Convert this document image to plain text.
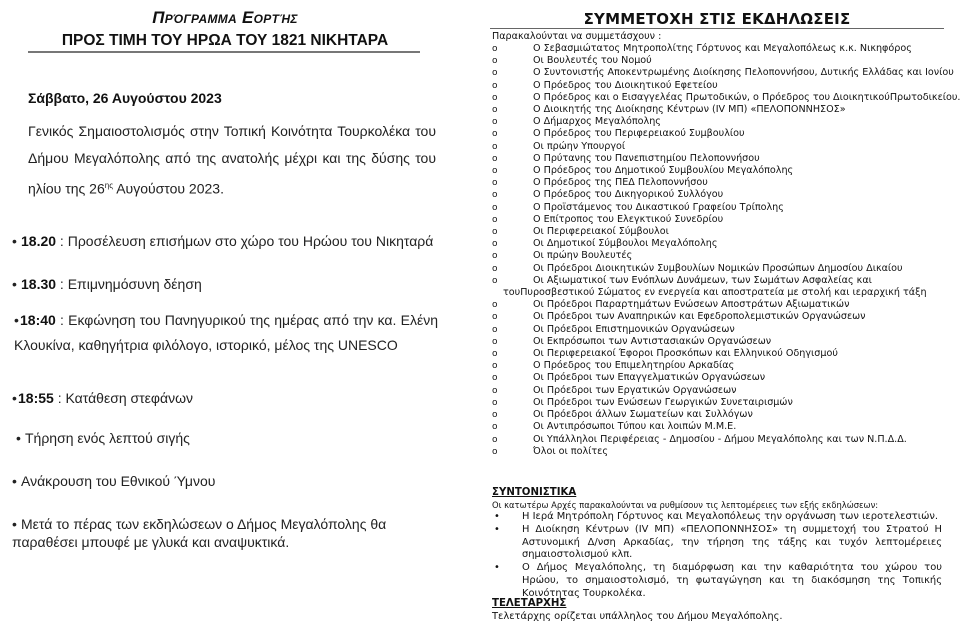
Πρόγραμμα Εορτής
ΠΡΟΣ ΤΙΜΗ ΤΟΥ ΗΡΩΑ ΤΟΥ 1821 ΝΙΚΗΤΑΡΑ
Σάββατο, 26 Αυγούστου 2023
Γενικός Σημαιοστολισμός στην Τοπική Κοινότητα Τουρκολέκα του Δήμου Μεγαλόπολης από της ανατολής μέχρι και της δύσης του ηλίου της $26^{\eta\varsigma}$ Αυγούστου 2023.
• 18.20 : Προσέλευση επισήμων στο χώρο του Ηρώου του Νικηταρά
• 18.30 : Επιμνημόσυνη δέηση
•18:40 : Εκφώνηση του Πανηγυρικού της ημέρας από την κα. Ελένη Κλουκίνα, καθηγήτρια φιλόλογο, ιστορικό, μέλος της UNESCO
•18:55 : Κατάθεση στεφάνων
• Τήρηση ενός λεπτού σιγής
• Ανάκρουση του Εθνικού Ύμνου
• Μετά το πέρας των εκδηλώσεων ο Δήμος Μεγαλόπολης θα παραθέσει μπουφέ με γλυκά και αναψυκτικά.
ΣΥΜΜΕΤΟΧΗ ΣΤΙΣ ΕΚΔΗΛΩΣΕΙΣ
Παρακαλούνται να συμμετάσχουν :
o	Ο Σεβασμιώτατος Μητροπολίτης Γόρτυνος και Μεγαλοπόλεως κ.κ. Νικηφόρος
o	Οι Βουλευτές του Νομού
o	Ο Συντονιστής Αποκεντρωμένης Διοίκησης Πελοποννήσου, Δυτικής Ελλάδας και Ιονίου
o	Ο Πρόεδρος του Διοικητικού Εφετείου
o	Ο Πρόεδρος και ο Εισαγγελέας Πρωτοδικών, ο Πρόεδρος του ΔιοικητικούΠρωτοδικείου.
o	Ο Διοικητής της Διοίκησης Κέντρων (IV ΜΠ) «ΠΕΛΟΠΟΝΝΗΣΟΣ»
o	Ο Δήμαρχος Μεγαλόπολης
o	Ο Πρόεδρος του Περιφερειακού Συμβουλίου
o	Οι πρώην Υπουργοί
o	Ο Πρύτανης του Πανεπιστημίου Πελοποννήσου
o	Ο Πρόεδρος του Δημοτικού Συμβουλίου Μεγαλόπολης
o	Ο Πρόεδρος της ΠΕΔ Πελοποννήσου
o	Ο Πρόεδρος του Δικηγορικού Συλλόγου
o	Ο Προϊστάμενος του Δικαστικού Γραφείου Τρίπολης
o	Ο Επίτροπος του Ελεγκτικού Συνεδρίου
o	Οι Περιφερειακοί Σύμβουλοι
o	Οι Δημοτικοί Σύμβουλοι Μεγαλόπολης
o	Οι πρώην Βουλευτές
o	Οι Πρόεδροι Διοικητικών Συμβουλίων Νομικών Προσώπων Δημοσίου Δικαίου
o	Οι Αξιωματικοί των Ενόπλων Δυνάμεων, των Σωμάτων Ασφαλείας και
τουΠυροσβεστικού Σώματος εν ενεργεία και αποστρατεία με στολή και ιεραρχική τάξη
o	Οι Πρόεδροι Παραρτημάτων Ενώσεων Αποστράτων Αξιωματικών
o	Οι Πρόεδροι των Αναπηρικών και Εφεδροπολεμιστικών Οργανώσεων
o	Οι Πρόεδροι Επιστημονικών Οργανώσεων
o	Οι Εκπρόσωποι των Αντιστασιακών Οργανώσεων
o	Οι Περιφερειακοί Έφοροι Προσκόπων και Ελληνικού Οδηγισμού
o	Ο Πρόεδρος του Επιμελητηρίου Αρκαδίας
o	Οι Πρόεδροι των Επαγγελματικών Οργανώσεων
o	Οι Πρόεδροι των Εργατικών Οργανώσεων
o	Οι Πρόεδροι των Ενώσεων Γεωργικών Συνεταιρισμών
o	Οι Πρόεδροι άλλων Σωματείων και Συλλόγων
o	Οι Αντιπρόσωποι Τύπου και λοιπών Μ.Μ.Ε.
o	Οι Υπάλληλοι Περιφέρειας - Δημοσίου - Δήμου Μεγαλόπολης και των Ν.Π.Δ.Δ.
o	Όλοι οι πολίτες
ΣΥΝΤΟΝΙΣΤΙΚΑ
Οι κατωτέρω Αρχές παρακαλούνται να ρυθμίσουν τις λεπτομέρειες των εξής εκδηλώσεων:
• Η Ιερά Μητρόπολη Γόρτυνος και Μεγαλοπόλεως την οργάνωση των ιεροτελεστιών.
• Η Διοίκηση Κέντρων (IV ΜΠ) «ΠΕΛΟΠΟΝΝΗΣΟΣ» τη συμμετοχή του Στρατού Η Αστυνομική Δ/νση Αρκαδίας, την τήρηση της τάξης και τυχόν λεπτομέρειες σημαιοστολισμού κλπ.
• Ο Δήμος Μεγαλόπολης, τη διαμόρφωση και την καθαριότητα του χώρου του Ηρώου, το σημαιοστολισμό, τη φωταγώγηση και τη διακόσμηση της Τοπικής Κοινότητας Τουρκολέκα.
ΤΕΛΕΤΑΡΧΗΣ
Τελετάρχης ορίζεται υπάλληλος του Δήμου Μεγαλόπολης.
